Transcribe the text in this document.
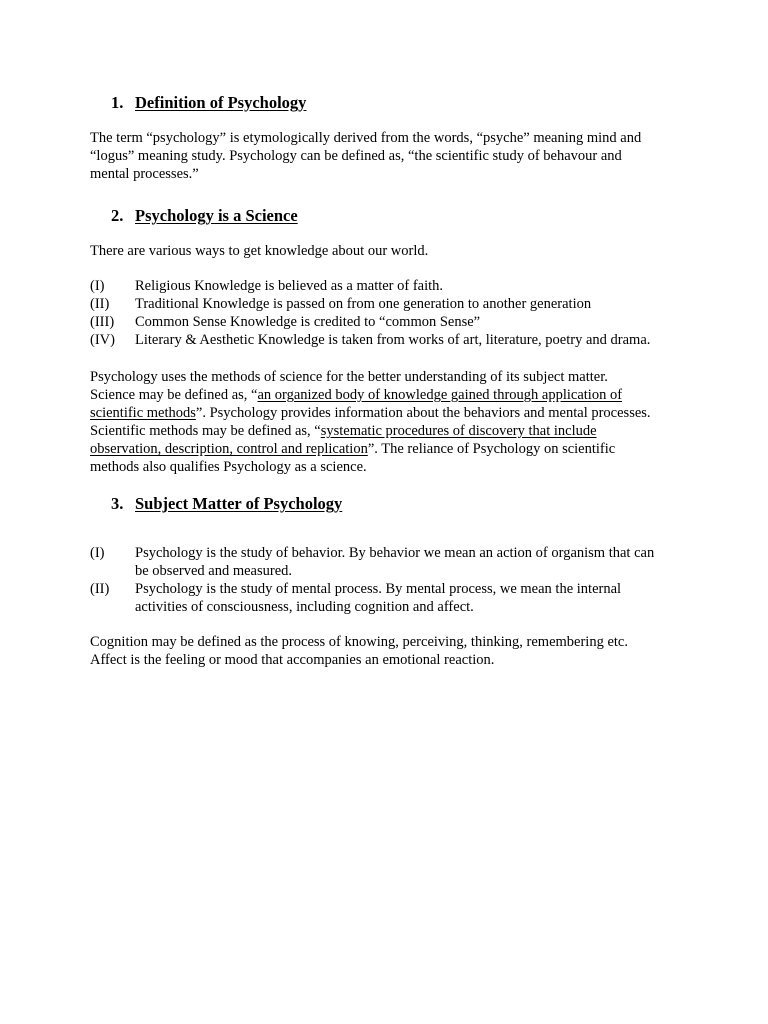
1. Definition of Psychology

The term “psychology” is etymologically derived from the words, “psyche” meaning mind and
“logus” meaning study. Psychology can be defined as, “the scientific study of behavour and
mental processes.”

2. Psychology is a Science

There are various ways to get knowledge about our world.

(I)	Religious Knowledge is believed as a matter of faith.
(II)	Traditional Knowledge is passed on from one generation to another generation
(III)	Common Sense Knowledge is credited to “common Sense”
(IV)	Literary & Aesthetic Knowledge is taken from works of art, literature, poetry and drama.

Psychology uses the methods of science for the better understanding of its subject matter.
Science may be defined as, “an organized body of knowledge gained through application of
scientific methods”. Psychology provides information about the behaviors and mental processes.
Scientific methods may be defined as, “systematic procedures of discovery that include
observation, description, control and replication”. The reliance of Psychology on scientific
methods also qualifies Psychology as a science.

3. Subject Matter of Psychology
(I)	Psychology is the study of behavior. By behavior we mean an action of organism that can
be observed and measured.
(II)	Psychology is the study of mental process. By mental process, we mean the internal
activities of consciousness, including cognition and affect.

Cognition may be defined as the process of knowing, perceiving, thinking, remembering etc.
Affect is the feeling or mood that accompanies an emotional reaction.
